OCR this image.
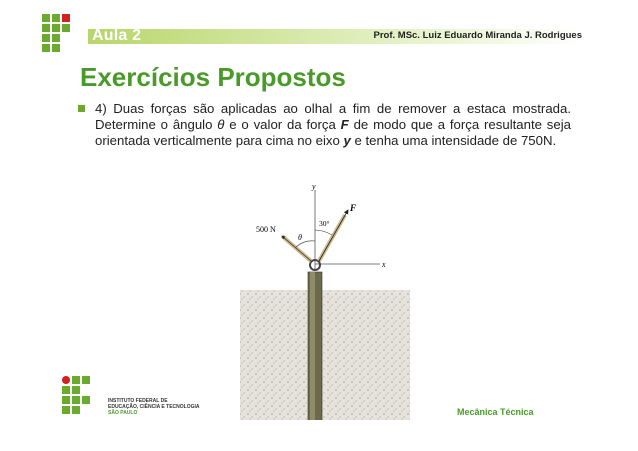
Aula 2	Prof. MSc. Luiz Eduardo Miranda J. Rodrigues
Exercícios Propostos
4) Duas forças são aplicadas ao olhal a fim de remover a estaca mostrada. Determine o ângulo θ e o valor da força F de modo que a força resultante seja orientada verticalmente para cima no eixo y e tenha uma intensidade de 750N.
y
x
F
500 N
30°
θ
INSTITUTO FEDERAL DE
EDUCAÇÃO, CIÊNCIA E TECNOLOGIA
SÃO PAULO	Mecânica Técnica
